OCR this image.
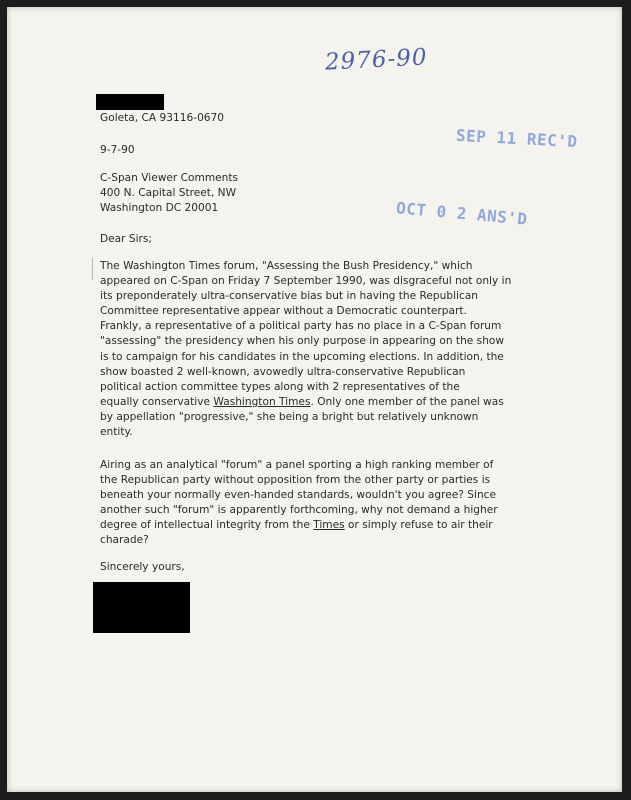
2976-90
SEP 11 REC'D
OCT 0 2 ANS'D
Goleta, CA 93116-0670
9-7-90
C-Span Viewer Comments
400 N. Capital Street, NW
Washington DC 20001
Dear Sirs;
The Washington Times forum, "Assessing the Bush Presidency," which
appeared on C-Span on Friday 7 September 1990, was disgraceful not only in
its preponderately ultra-conservative bias but in having the Republican
Committee representative appear without a Democratic counterpart.
Frankly, a representative of a political party has no place in a C-Span forum
"assessing" the presidency when his only purpose in appearing on the show
is to campaign for his candidates in the upcoming elections. In addition, the
show boasted 2 well-known, avowedly ultra-conservative Republican
political action committee types along with 2 representatives of the
equally conservative Washington Times. Only one member of the panel was
by appellation "progressive," she being a bright but relatively unknown
entity.
Airing as an analytical "forum" a panel sporting a high ranking member of
the Republican party without opposition from the other party or parties is
beneath your normally even-handed standards, wouldn't you agree? Since
another such "forum" is apparently forthcoming, why not demand a higher
degree of intellectual integrity from the Times or simply refuse to air their
charade?
Sincerely yours,
